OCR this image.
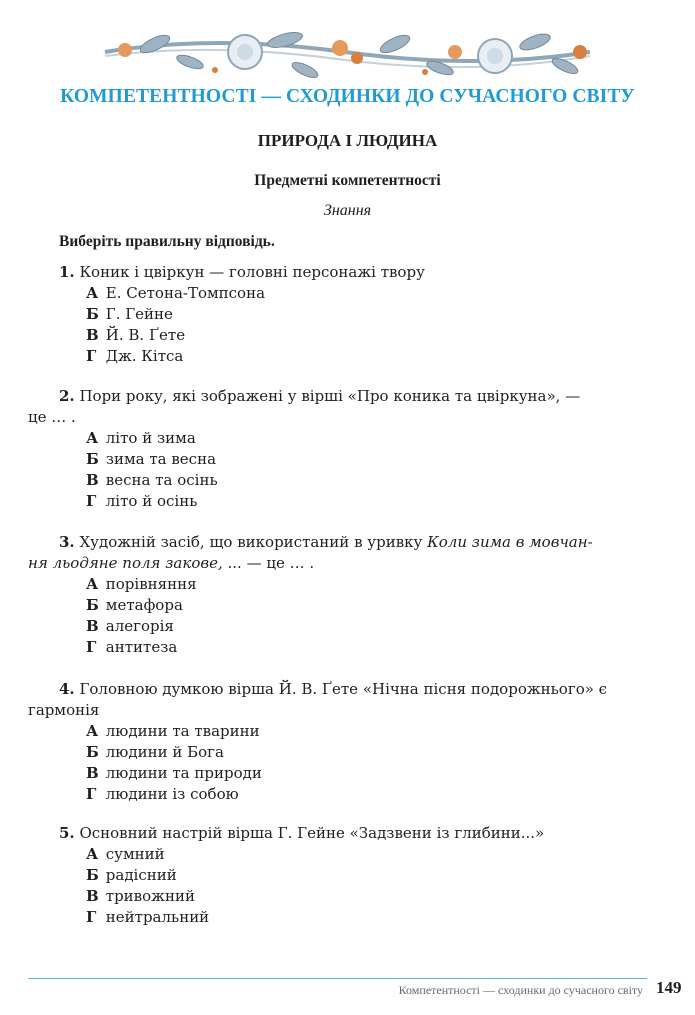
КОМПЕТЕНТНОСТІ — СХОДИНКИ ДО СУЧАСНОГО СВІТУ
ПРИРОДА І ЛЮДИНА
Предметні компетентності
Знання
Виберіть правильну відповідь.
1. Коник і цвіркун — головні персонажі твору
А Е. Сетона-Томпсона
Б Г. Гейне
В Й. В. Ґете
Г Дж. Кітса
2. Пори року, які зображені у вірші «Про коника та цвіркуна», —
це … .
А літо й зима
Б зима та весна
В весна та осінь
Г літо й осінь
3. Художній засіб, що використаний в уривку Коли зима в мовчан-
ня льодяне поля закове, ... — це … .
А порівняння
Б метафора
В алегорія
Г антитеза
4. Головною думкою вірша Й. В. Ґете «Нічна пісня подорожнього» є
гармонія
А людини та тварини
Б людини й Бога
В людини та природи
Г людини із собою
5. Основний настрій вірша Г. Гейне «Задзвени із глибини...»
А сумний
Б радісний
В тривожний
Г нейтральний
Компетентності — сходинки до сучасного світу 149
